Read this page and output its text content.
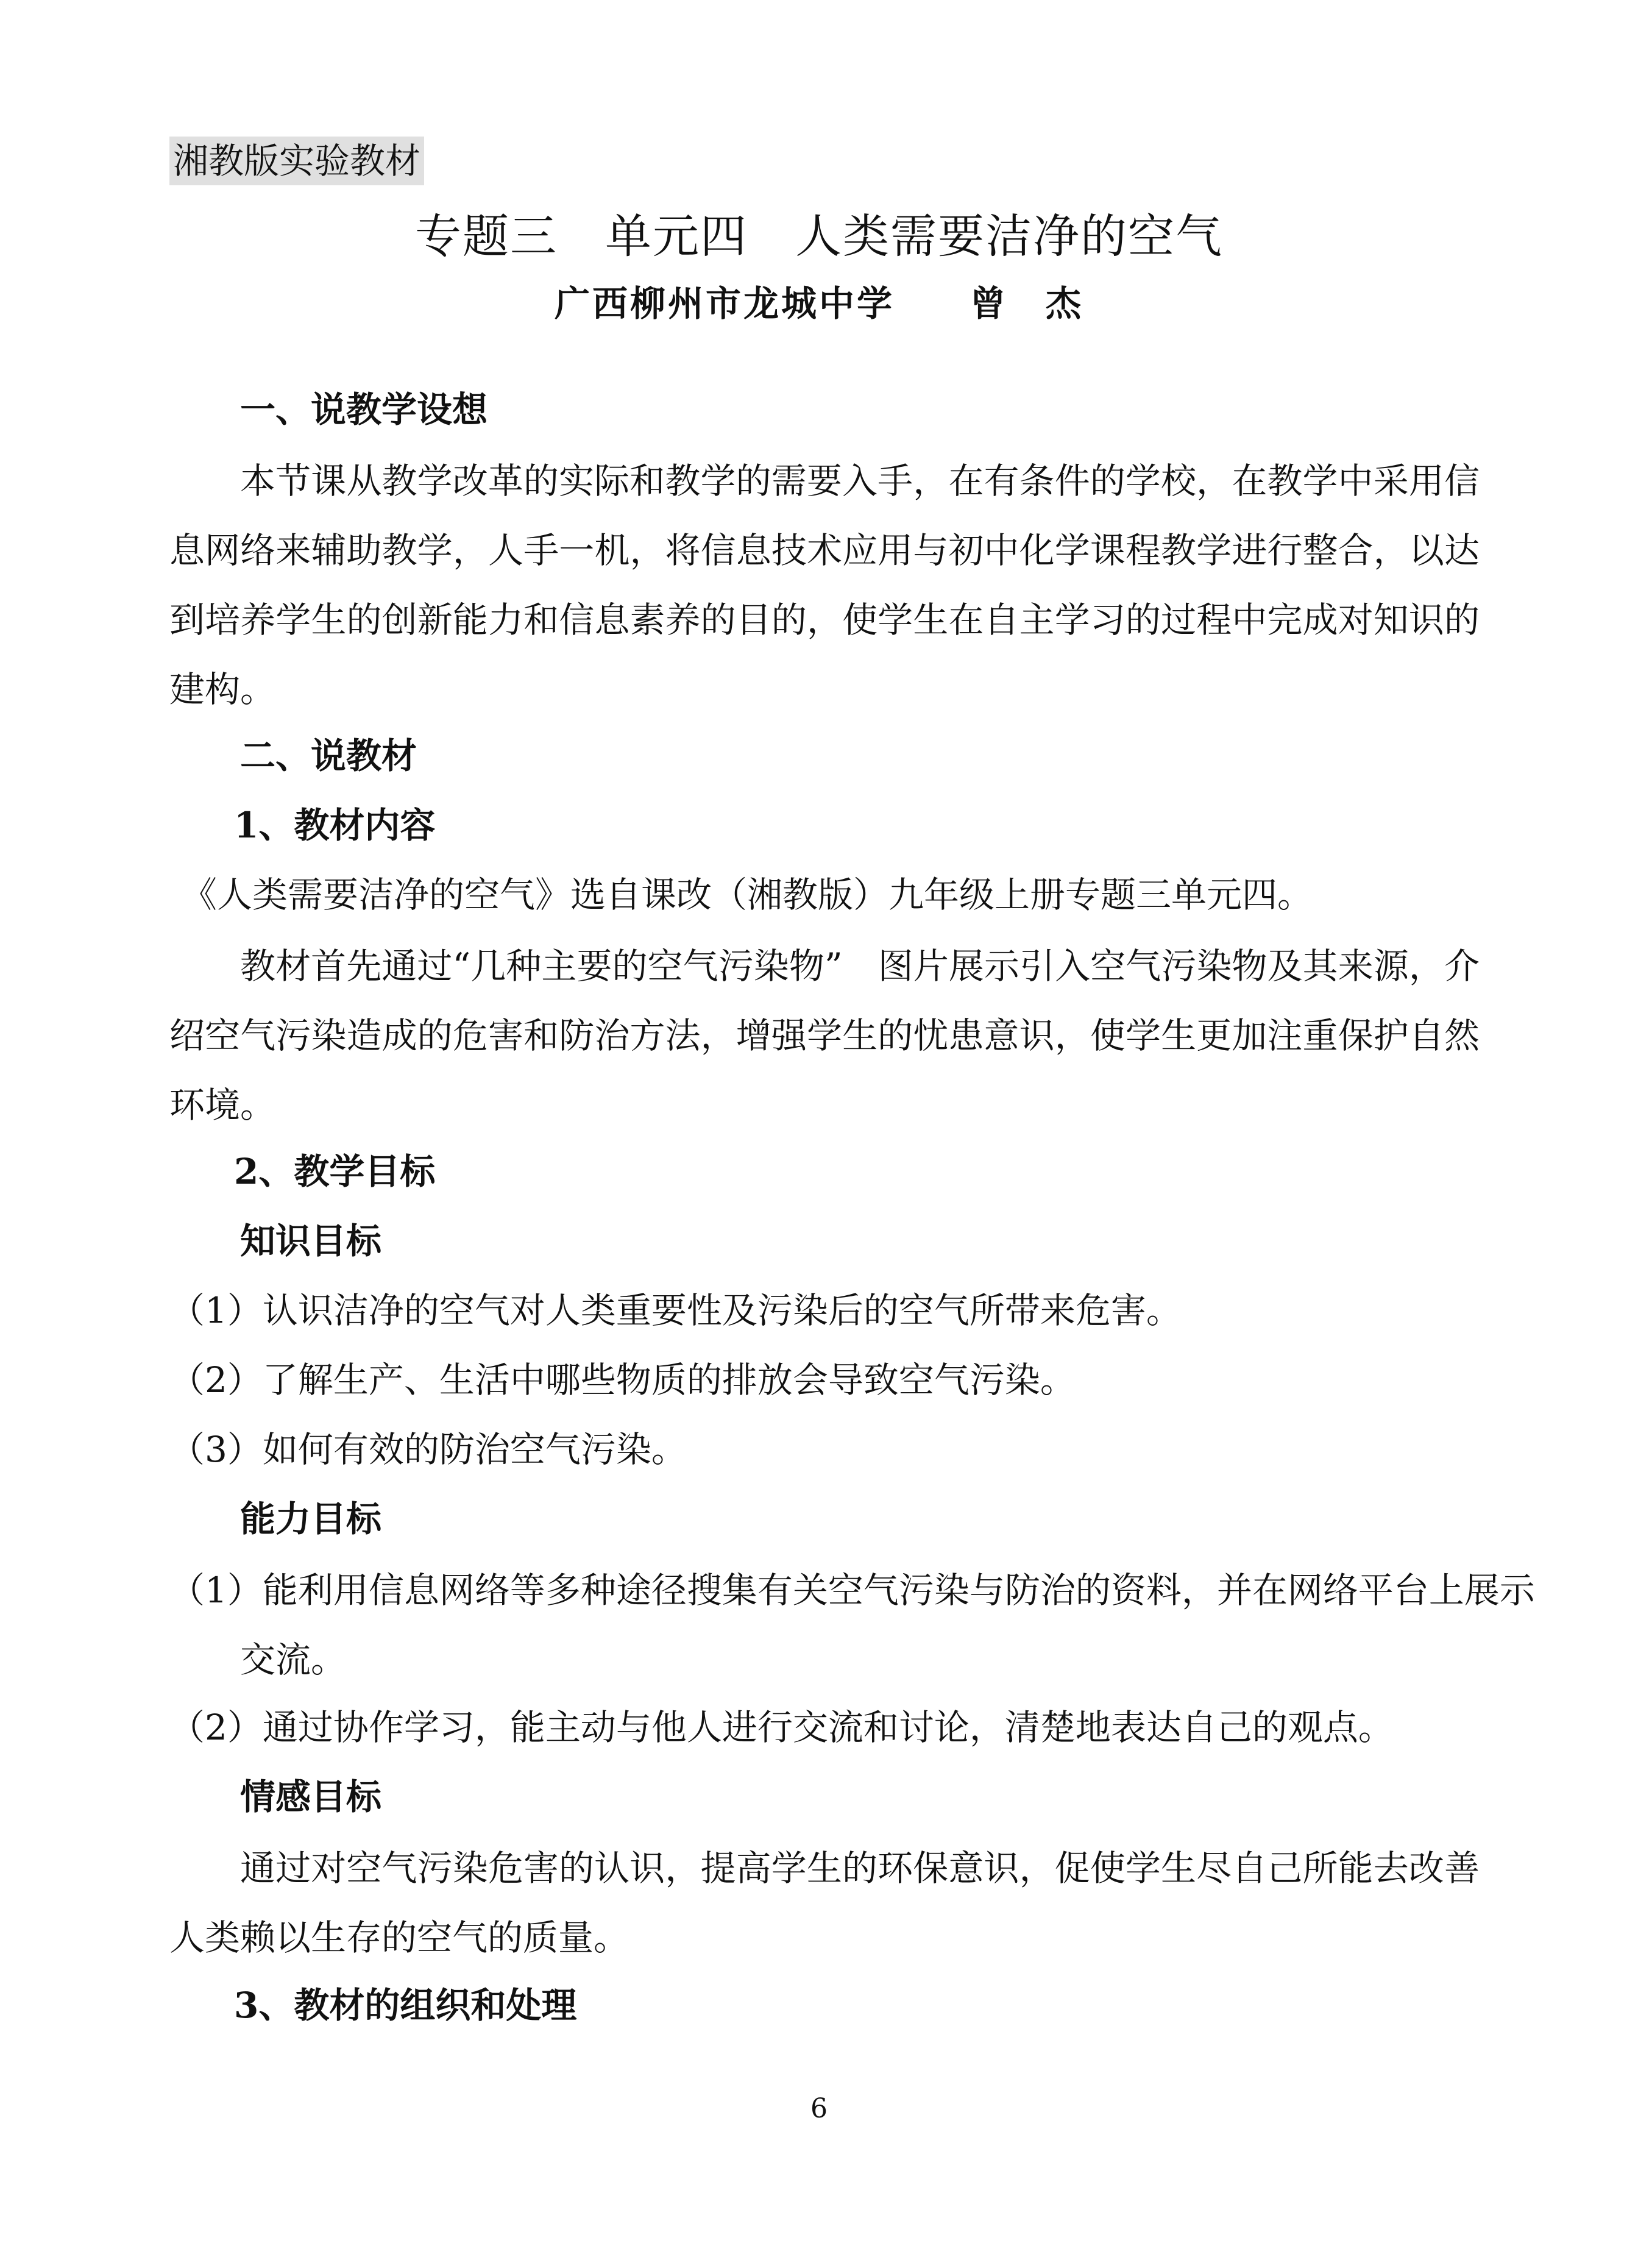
湘教版实验教材
专题三　单元四　人类需要洁净的空气
广西柳州市龙城中学　　曾　杰
一、说教学设想
本节课从教学改革的实际和教学的需要入手，在有条件的学校，在教学中采用信息网络来辅助教学，人手一机，将信息技术应用与初中化学课程教学进行整合，以达到培养学生的创新能力和信息素养的目的，使学生在自主学习的过程中完成对知识的建构。
二、说教材
1、教材内容
《人类需要洁净的空气》选自课改（湘教版）九年级上册专题三单元四。
教材首先通过“几种主要的空气污染物”　图片展示引入空气污染物及其来源，介绍空气污染造成的危害和防治方法，增强学生的忧患意识，使学生更加注重保护自然环境。
2、教学目标
知识目标
（1）认识洁净的空气对人类重要性及污染后的空气所带来危害。
（2）了解生产、生活中哪些物质的排放会导致空气污染。
（3）如何有效的防治空气污染。
能力目标
（1）能利用信息网络等多种途径搜集有关空气污染与防治的资料，并在网络平台上展示交流。
（2）通过协作学习，能主动与他人进行交流和讨论，清楚地表达自己的观点。
情感目标
通过对空气污染危害的认识，提高学生的环保意识，促使学生尽自己所能去改善人类赖以生存的空气的质量。
3、教材的组织和处理
6
